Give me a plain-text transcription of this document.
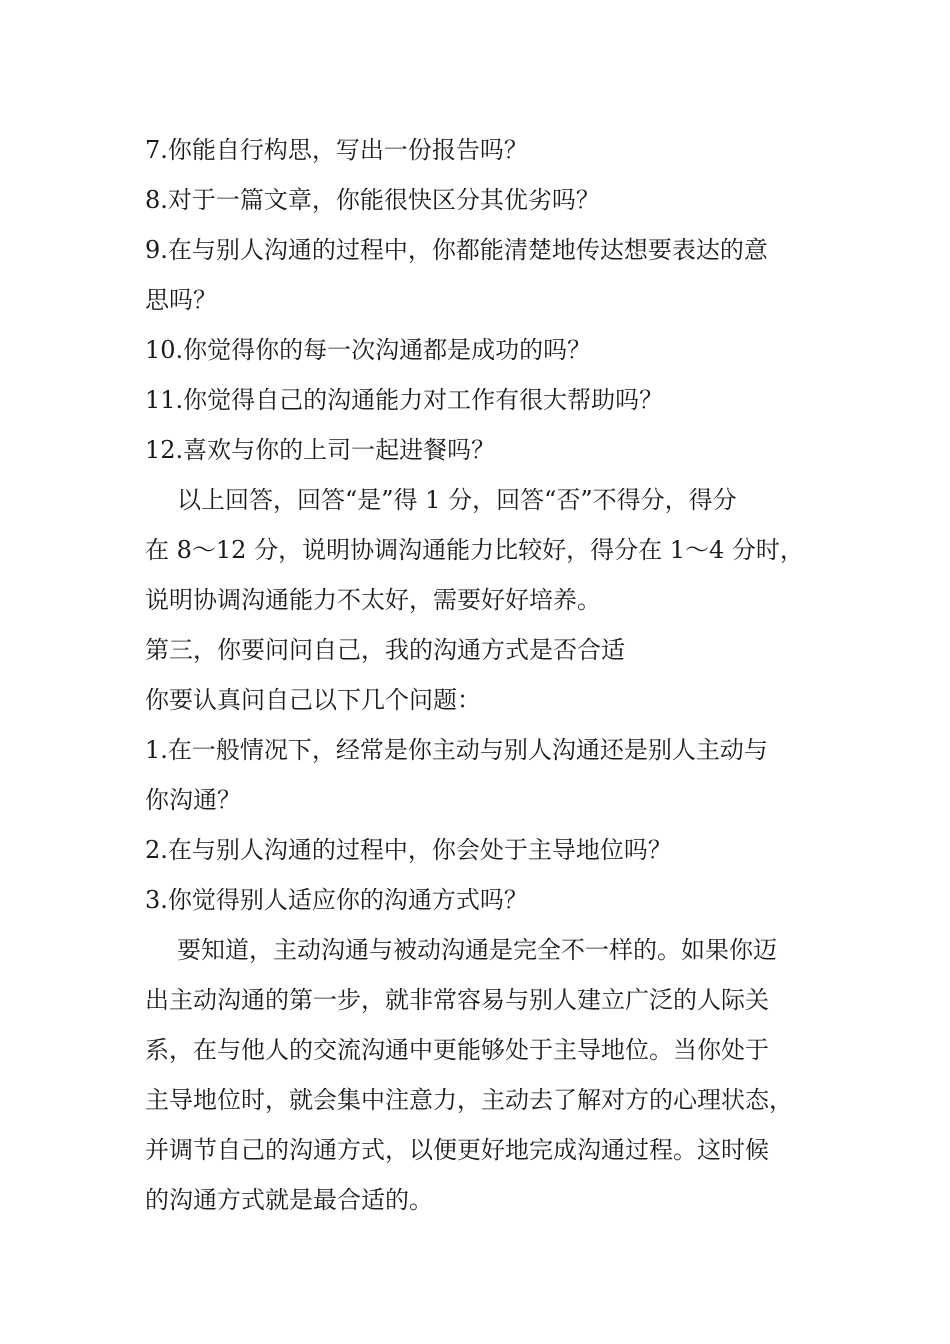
7.你能自行构思，写出一份报告吗？
8.对于一篇文章，你能很快区分其优劣吗？
9.在与别人沟通的过程中，你都能清楚地传达想要表达的意
思吗？
10.你觉得你的每一次沟通都是成功的吗？
11.你觉得自己的沟通能力对工作有很大帮助吗？
12.喜欢与你的上司一起进餐吗？
以上回答，回答“是”得 1 分，回答“否”不得分，得分
在 8～12 分，说明协调沟通能力比较好，得分在 1～4 分时，
说明协调沟通能力不太好，需要好好培养。
第三，你要问问自己，我的沟通方式是否合适
你要认真问自己以下几个问题：
1.在一般情况下，经常是你主动与别人沟通还是别人主动与
你沟通？
2.在与别人沟通的过程中，你会处于主导地位吗？
3.你觉得别人适应你的沟通方式吗？
要知道，主动沟通与被动沟通是完全不一样的。如果你迈
出主动沟通的第一步，就非常容易与别人建立广泛的人际关
系，在与他人的交流沟通中更能够处于主导地位。当你处于
主导地位时，就会集中注意力，主动去了解对方的心理状态，
并调节自己的沟通方式，以便更好地完成沟通过程。这时候
的沟通方式就是最合适的。
